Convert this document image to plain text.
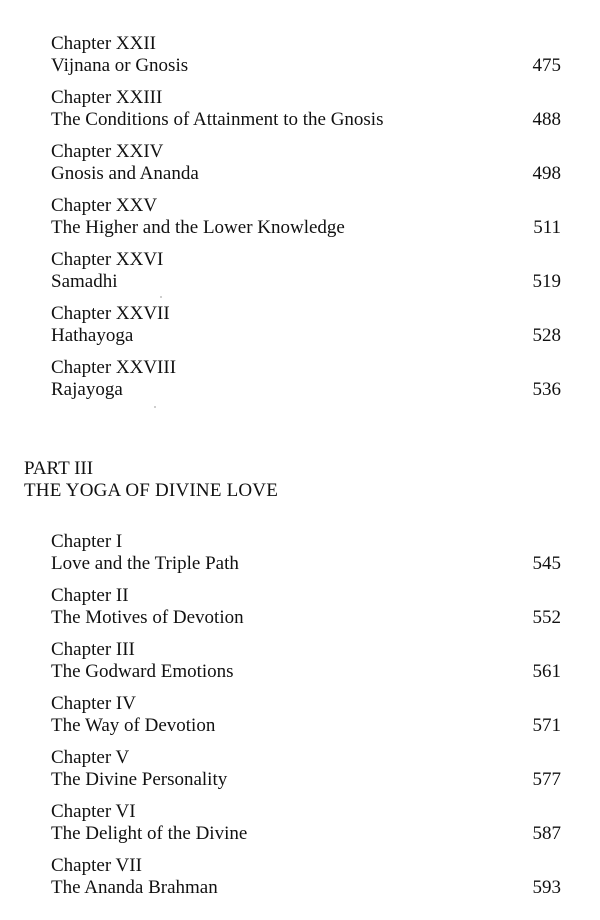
Chapter XXII
Vijnana or Gnosis	475
Chapter XXIII
The Conditions of Attainment to the Gnosis	488
Chapter XXIV
Gnosis and Ananda	498
Chapter XXV
The Higher and the Lower Knowledge	511
Chapter XXVI
Samadhi	519
Chapter XXVII
Hathayoga	528
Chapter XXVIII
Rajayoga	536
PART III
THE YOGA OF DIVINE LOVE
Chapter I
Love and the Triple Path	545
Chapter II
The Motives of Devotion	552
Chapter III
The Godward Emotions	561
Chapter IV
The Way of Devotion	571
Chapter V
The Divine Personality	577
Chapter VI
The Delight of the Divine	587
Chapter VII
The Ananda Brahman	593
